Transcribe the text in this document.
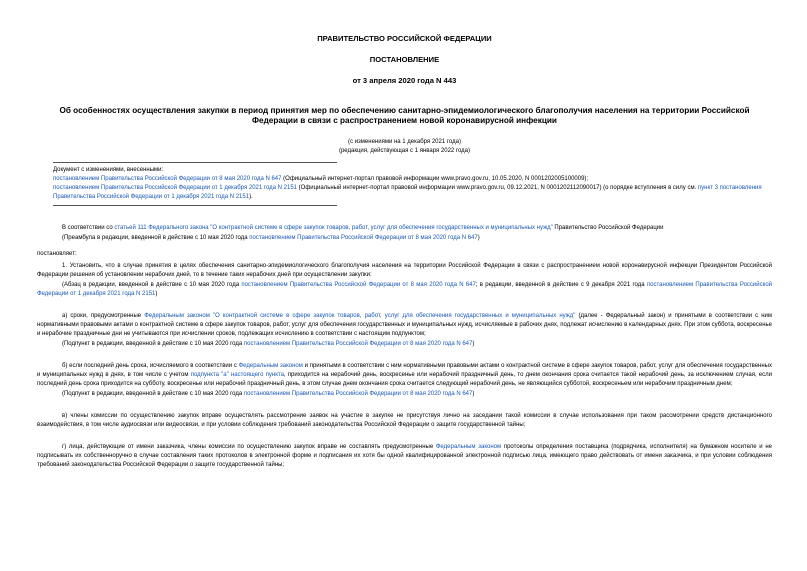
ПРАВИТЕЛЬСТВО РОССИЙСКОЙ ФЕДЕРАЦИИ
ПОСТАНОВЛЕНИЕ
от 3 апреля 2020 года N 443
Об особенностях осуществления закупки в период принятия мер по обеспечению санитарно-эпидемиологического благополучия населения на территории Российской Федерации в связи с распространением новой коронавирусной инфекции
(с изменениями на 1 декабря 2021 года)
(редакция, действующая с 1 января 2022 года)
Документ с изменениями, внесенными:
постановлением Правительства Российской Федерации от 8 мая 2020 года N 647 (Официальный интернет-портал правовой информации www.pravo.gov.ru, 10.05.2020, N 0001202005100009);
постановлением Правительства Российской Федерации от 1 декабря 2021 года N 2151 (Официальный интернет-портал правовой информации www.pravo.gov.ru, 09.12.2021, N 0001202112090017) (о порядке вступления в силу см. пункт 3 постановления Правительства Российской Федерации от 1 декабря 2021 года N 2151).
В соответствии со статьей 111 Федерального закона "О контрактной системе в сфере закупок товаров, работ, услуг для обеспечения государственных и муниципальных нужд" Правительство Российской Федерации
(Преамбула в редакции, введенной в действие с 10 мая 2020 года постановлением Правительства Российской Федерации от 8 мая 2020 года N 647)
постановляет:
1. Установить, что в случае принятия в целях обеспечения санитарно-эпидемиологического благополучия населения на территории Российской Федерации в связи с распространением новой коронавирусной инфекции Президентом Российской Федерации решения об установлении нерабочих дней, то в течение таких нерабочих дней при осуществлении закупки:
(Абзац в редакции, введенной в действие с 10 мая 2020 года постановлением Правительства Российской Федерации от 8 мая 2020 года N 647; в редакции, введенной в действие с 9 декабря 2021 года постановлением Правительства Российской Федерации от 1 декабря 2021 года N 2151)
а) сроки, предусмотренные Федеральным законом "О контрактной системе в сфере закупок товаров, работ, услуг для обеспечения государственных и муниципальных нужд" (далее - Федеральный закон) и принятыми в соответствии с ним нормативными правовыми актами о контрактной системе в сфере закупок товаров, работ, услуг для обеспечения государственных и муниципальных нужд, исчисляемые в рабочих днях, подлежат исчислению в календарных днях. При этом суббота, воскресенье и нерабочие праздничные дни не учитываются при исчислении сроков, подлежащих исчислению в соответствии с настоящим подпунктом;
(Подпункт в редакции, введенной в действие с 10 мая 2020 года постановлением Правительства Российской Федерации от 8 мая 2020 года N 647)
б) если последний день срока, исчисляемого в соответствии с Федеральным законом и принятыми в соответствии с ним нормативными правовыми актами о контрактной системе в сфере закупок товаров, работ, услуг для обеспечения государственных и муниципальных нужд в днях, в том числе с учетом подпункта "а" настоящего пункта, приходится на нерабочий день, воскресенье или нерабочий праздничный день, то днем окончания срока считается такой нерабочий день, за исключением случая, если последний день срока приходится на субботу, воскресенье или нерабочий праздничный день, в этом случае днем окончания срока считается следующий нерабочий день, не являющийся субботой, воскресеньем или нерабочим праздничным днем;
(Подпункт в редакции, введенной в действие с 10 мая 2020 года постановлением Правительства Российской Федерации от 8 мая 2020 года N 647)
в) члены комиссии по осуществлению закупок вправе осуществлять рассмотрение заявок на участие в закупке не присутствуя лично на заседании такой комиссии в случае использования при таком рассмотрении средств дистанционного взаимодействия, в том числе аудиосвязи или видеосвязи, и при условии соблюдения требований законодательства Российской Федерации о защите государственной тайны;
г) лица, действующие от имени заказчика, члены комиссии по осуществлению закупок вправе не составлять предусмотренные Федеральным законом протоколы определения поставщика (подрядчика, исполнителя) на бумажном носителе и не подписывать их собственноручно в случае составления таких протоколов в электронной форме и подписания их хотя бы одной квалифицированной электронной подписью лица, имеющего право действовать от имени заказчика, и при условии соблюдения требований законодательства Российской Федерации о защите государственной тайны;
